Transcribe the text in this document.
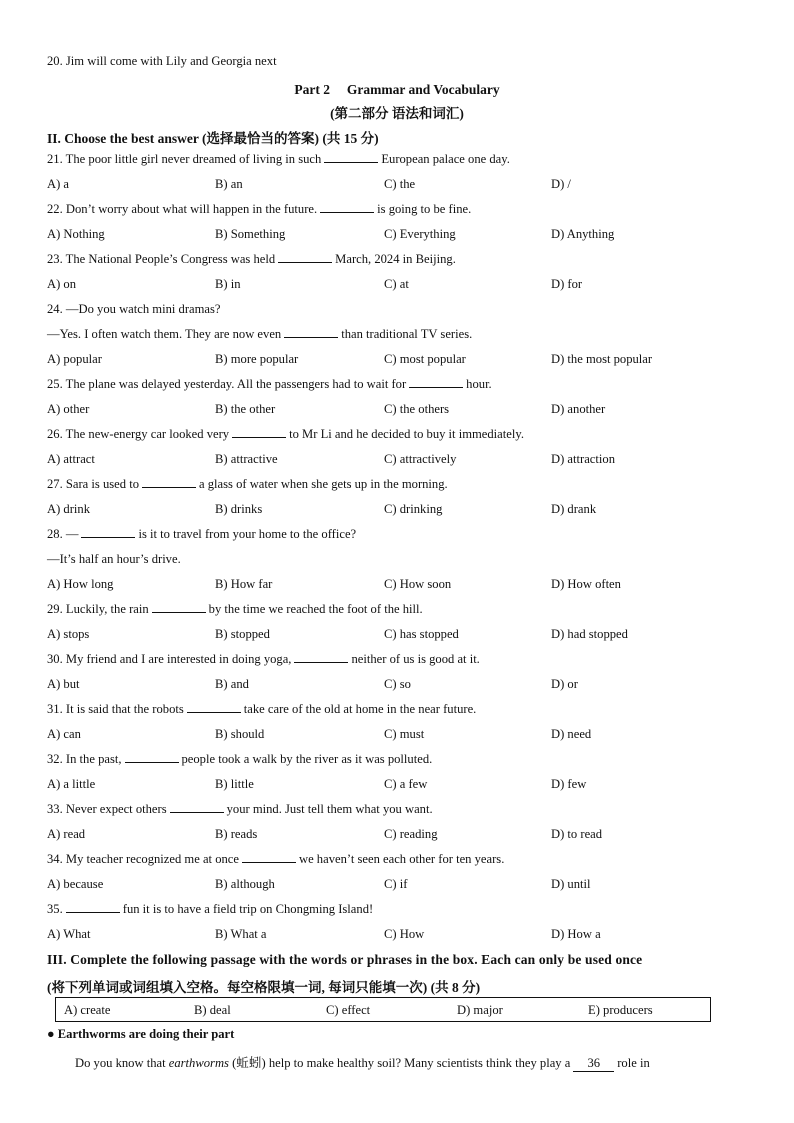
20. Jim will come with Lily and Georgia next
Part 2　 Grammar and Vocabulary
(第二部分 语法和词汇)
II. Choose the best answer (选择最恰当的答案) (共 15 分)
III. Complete the following passage with the words or phrases in the box. Each can only be used once
(将下列单词或词组填入空格。每空格限填一词, 每词只能填一次) (共 8 分)
A) create	B) deal	C) effect	D) major	E) producers
● Earthworms are doing their part
Do you know that earthworms (蚯蚓) help to make healthy soil? Many scientists think they play a 36 role in
21. The poor little girl never dreamed of living in such	European palace one day.
A) a	B) an	C) the	D) /
22. Don’t worry about what will happen in the future.	is going to be fine.
A) Nothing	B) Something	C) Everything	D) Anything
23. The National People’s Congress was held	March, 2024 in Beijing.
A) on	B) in	C) at	D) for
24. —Do you watch mini dramas?
—Yes. I often watch them. They are now even	than traditional TV series.
A) popular	B) more popular	C) most popular	D) the most popular
25. The plane was delayed yesterday. All the passengers had to wait for	hour.
A) other	B) the other	C) the others	D) another
26. The new-energy car looked very	to Mr Li and he decided to buy it immediately.
A) attract	B) attractive	C) attractively	D) attraction
27. Sara is used to	a glass of water when she gets up in the morning.
A) drink	B) drinks	C) drinking	D) drank
28. —	is it to travel from your home to the office?
—It’s half an hour’s drive.
A) How long	B) How far	C) How soon	D) How often
29. Luckily, the rain	by the time we reached the foot of the hill.
A) stops	B) stopped	C) has stopped	D) had stopped
30. My friend and I are interested in doing yoga,	neither of us is good at it.
A) but	B) and	C) so	D) or
31. It is said that the robots	take care of the old at home in the near future.
A) can	B) should	C) must	D) need
32. In the past,	people took a walk by the river as it was polluted.
A) a little	B) little	C) a few	D) few
33. Never expect others	your mind. Just tell them what you want.
A) read	B) reads	C) reading	D) to read
34. My teacher recognized me at once	we haven’t seen each other for ten years.
A) because	B) although	C) if	D) until
35.	fun it is to have a field trip on Chongming Island!
A) What	B) What a	C) How	D) How a
